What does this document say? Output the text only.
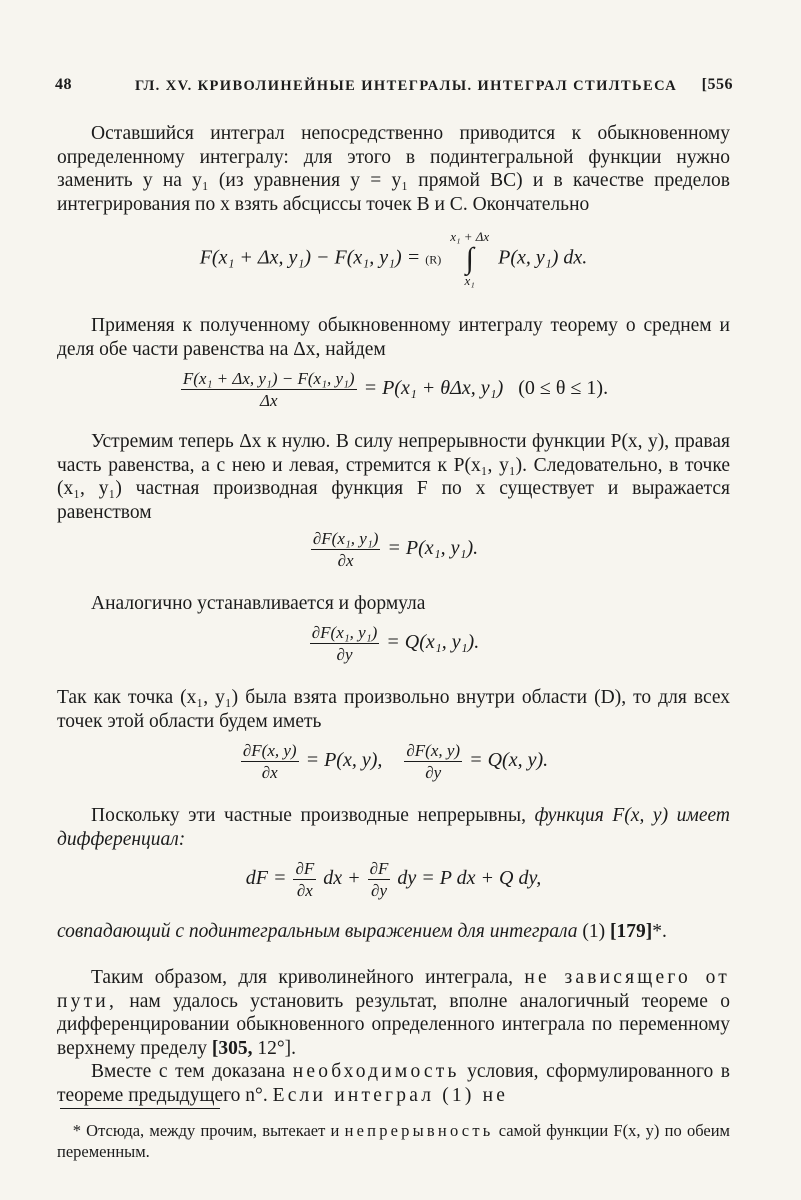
48	ГЛ. XV. КРИВОЛИНЕЙНЫЕ ИНТЕГРАЛЫ. ИНТЕГРАЛ СТИЛТЬЕСА [556

Оставшийся интеграл непосредственно приводится к обыкновенному определенному интегралу: для этого в подинтегральной функции нужно заменить y на y₁ (из уравнения y = y₁ прямой BC) и в качестве пределов интегрирования по x взять абсциссы точек B и C. Окончательно

F(x₁ + Δx, y₁) − F(x₁, y₁) = (R) x₁ + Δx
∫
x₁ P(x, y₁) dx.

Применяя к полученному обыкновенному интегралу теорему о среднем и деля обе части равенства на Δx, найдем

$\frac{\text{F(x₁ + Δx, y₁) − F(x₁, y₁)}}{\Delta x} = P(x_1 + \theta\Delta x$, y₁) (0 ≤ θ ≤ 1).

Устремим теперь Δx к нулю. В силу непрерывности функции P(x, y), правая часть равенства, а с нею и левая, стремится к P(x₁, y₁). Следовательно, в точке (x₁, y₁) частная производная функция F по x существует и выражается равенством

$\frac{\text{∂F(x₁, y₁)}}{\partial x} = P(x_1$, y₁).

Аналогично устанавливается и формула

$\frac{\text{∂F(x₁, y₁)}}{\partial y} = Q(x_1$, y₁).

Так как точка (x₁, y₁) была взята произвольно внутри области (D), то для всех точек этой области будем иметь

$\frac{\partial F(x, y)}{\partial x} = P(x$, y), $\frac{\partial F(x, y)}{\partial y} = Q(x$, y).

Поскольку эти частные производные непрерывны, функция F(x, y) имеет дифференциал:

dF = $\frac{\partial F}{\partial x}$ dx + $\frac{\partial F}{\partial y}$ dy = P dx + Q dy,

совпадающий с подинтегральным выражением для интеграла (1) [179]*.

Таким образом, для криволинейного интеграла, не зависящего от пути, нам удалось установить результат, вполне аналогичный теореме о дифференцировании обыкновенного определенного интеграла по переменному верхнему пределу [305, 12°].

Вместе с тем доказана необходимость условия, сформулированного в теореме предыдущего n°. Если интеграл (1) не

* Отсюда, между прочим, вытекает и непрерывность самой функции F(x, y) по обеим переменным.
